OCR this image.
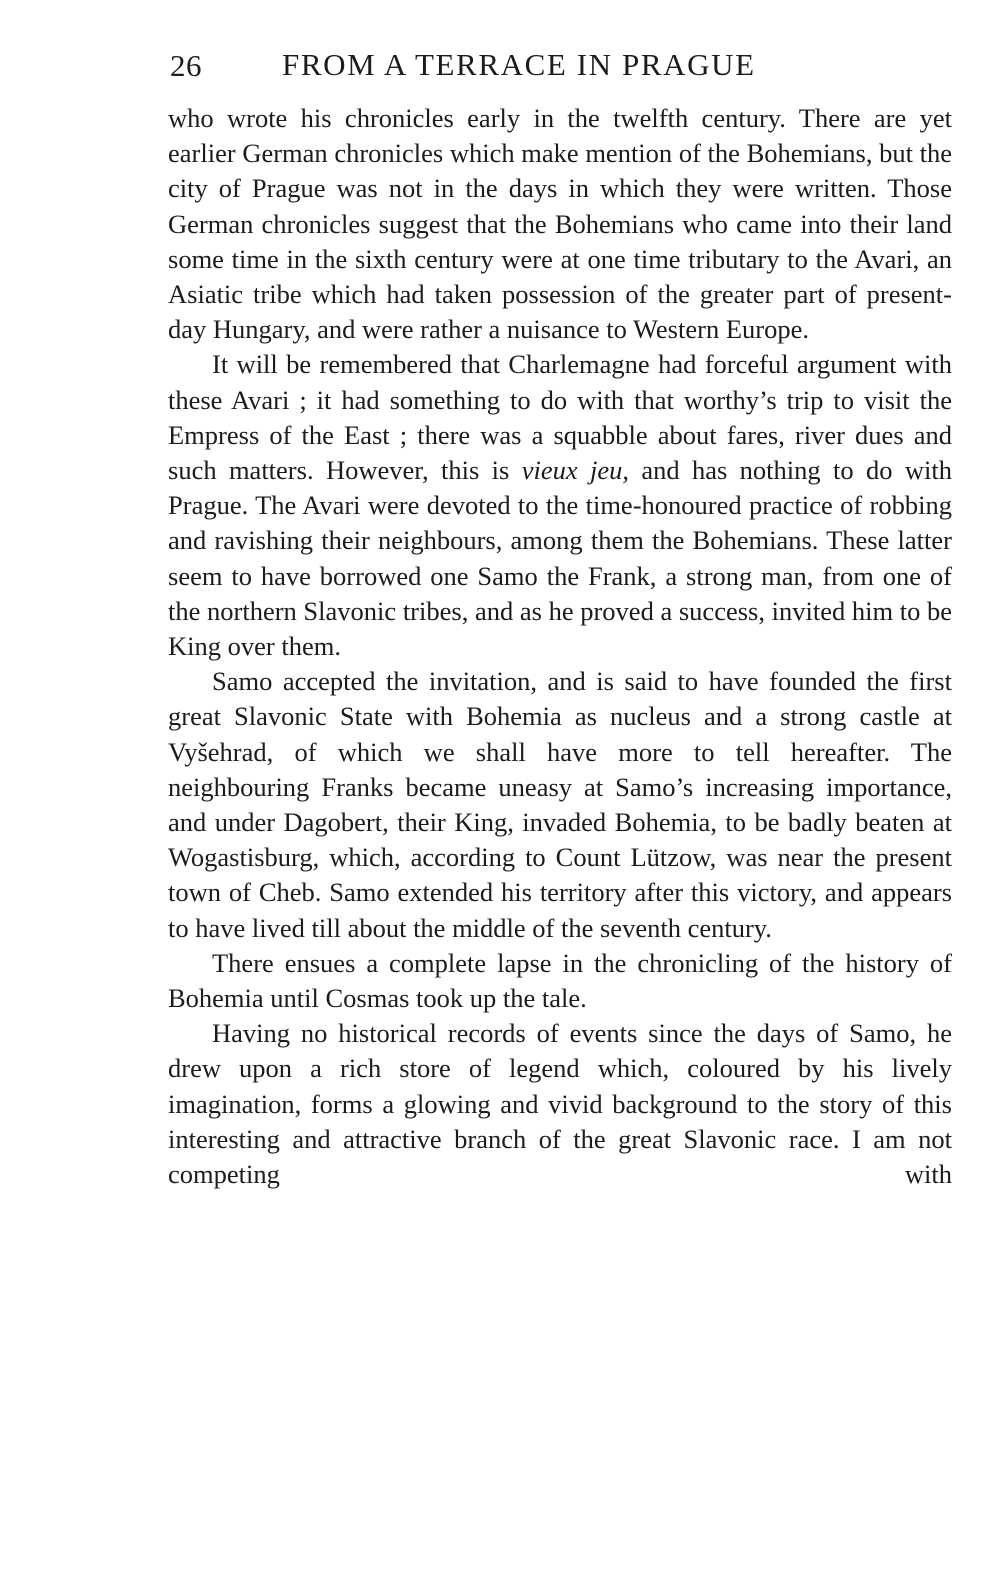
26	FROM A TERRACE IN PRAGUE

who wrote his chronicles early in the twelfth century. There are yet earlier German chronicles which make mention of the Bohemians, but the city of Prague was not in the days in which they were written. Those German chronicles suggest that the Bohemians who came into their land some time in the sixth century were at one time tributary to the Avari, an Asiatic tribe which had taken possession of the greater part of present-day Hungary, and were rather a nuisance to Western Europe.

It will be remembered that Charlemagne had forceful argument with these Avari ; it had something to do with that worthy’s trip to visit the Empress of the East ; there was a squabble about fares, river dues and such matters. However, this is vieux jeu, and has nothing to do with Prague. The Avari were devoted to the time-honoured practice of robbing and ravishing their neighbours, among them the Bohemians. These latter seem to have borrowed one Samo the Frank, a strong man, from one of the northern Slavonic tribes, and as he proved a success, invited him to be King over them.

Samo accepted the invitation, and is said to have founded the first great Slavonic State with Bohemia as nucleus and a strong castle at Vyšehrad, of which we shall have more to tell hereafter. The neighbouring Franks became uneasy at Samo’s increasing importance, and under Dagobert, their King, invaded Bohemia, to be badly beaten at Wogastisburg, which, according to Count Lützow, was near the present town of Cheb. Samo extended his territory after this victory, and appears to have lived till about the middle of the seventh century.

There ensues a complete lapse in the chronicling of the history of Bohemia until Cosmas took up the tale.

Having no historical records of events since the days of Samo, he drew upon a rich store of legend which, coloured by his lively imagination, forms a glowing and vivid background to the story of this interesting and attractive branch of the great Slavonic race. I am not competing with
